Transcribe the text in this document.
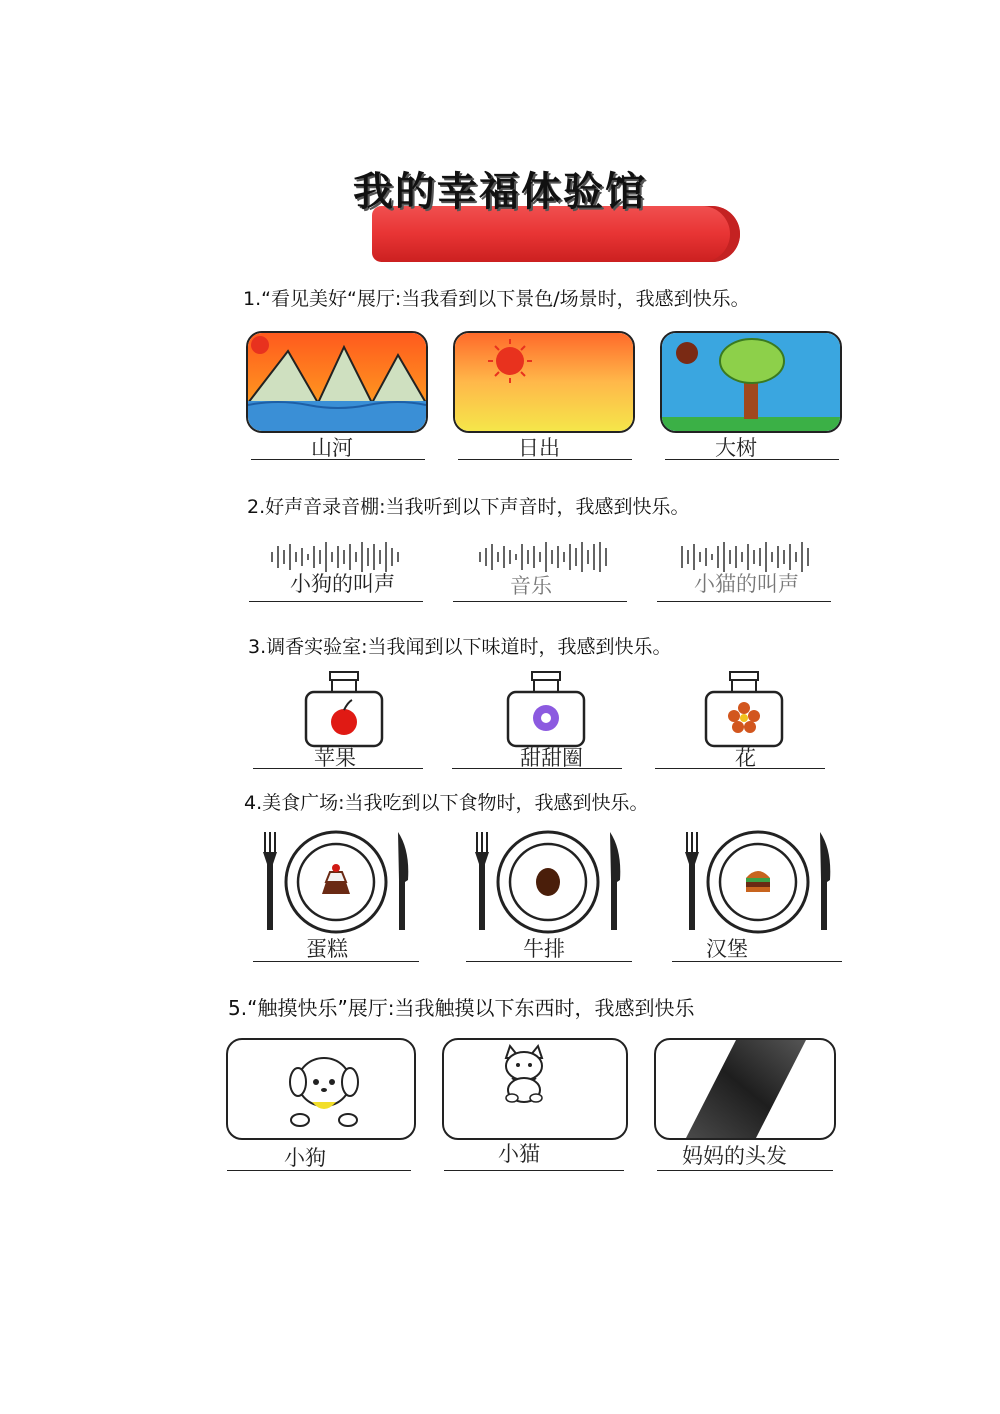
我的幸福体验馆
1.“看见美好“展厅:当我看到以下景色/场景时，我感到快乐。
山河	日出	大树
2.好声音录音棚:当我听到以下声音时，我感到快乐。
小狗的叫声	音乐	小猫的叫声
3.调香实验室:当我闻到以下味道时，我感到快乐。
苹果	甜甜圈	花
4.美食广场:当我吃到以下食物时，我感到快乐。
蛋糕	牛排	汉堡
5.“触摸快乐”展厅:当我触摸以下东西时，我感到快乐
小狗	小猫	妈妈的头发
